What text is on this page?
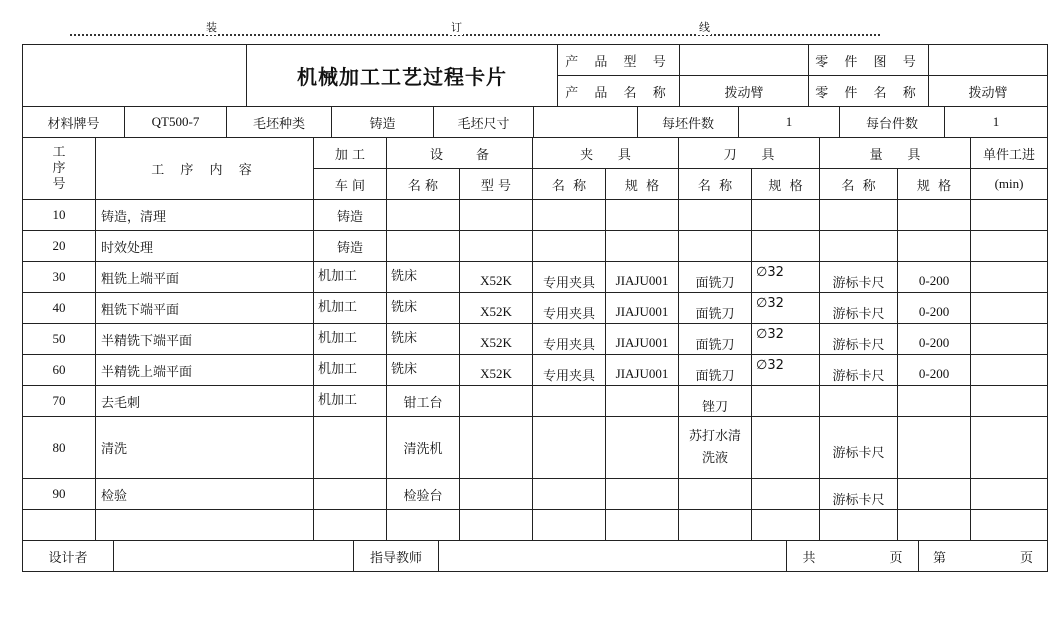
装	订	线
	机械加工工艺过程卡片	产 品 型 号		零 件 图 号	
		产 品 名 称	拨动臂	零 件 名 称	拨动臂
材料牌号	QT500-7	毛坯种类	铸造	毛坯尺寸		每坯件数	1	每台件数	1
工
序
号	工 序 内 容	加 工	设        备		夹      具		刀      具		量      具		单件工进
		车 间	名 称	型 号	名  称	规  格	名  称	规  格	名  称	规  格	(min)
10	铸造，清理	铸造									
20	时效处理	铸造									
30	粗铣上端平面	机加工	铣床	X52K	专用夹具	JIAJU001	面铣刀	∅32	游标卡尺	0-200	
40	粗铣下端平面	机加工	铣床	X52K	专用夹具	JIAJU001	面铣刀	∅32	游标卡尺	0-200	
50	半精铣下端平面	机加工	铣床	X52K	专用夹具	JIAJU001	面铣刀	∅32	游标卡尺	0-200	
60	半精铣上端平面	机加工	铣床	X52K	专用夹具	JIAJU001	面铣刀	∅32	游标卡尺	0-200	
70	去毛刺	机加工	钳工台				锉刀				
80	清洗		清洗机				苏打水清洗液		游标卡尺		
90	检验		检验台						游标卡尺		

设计者		指导教师		共	页	第	页
